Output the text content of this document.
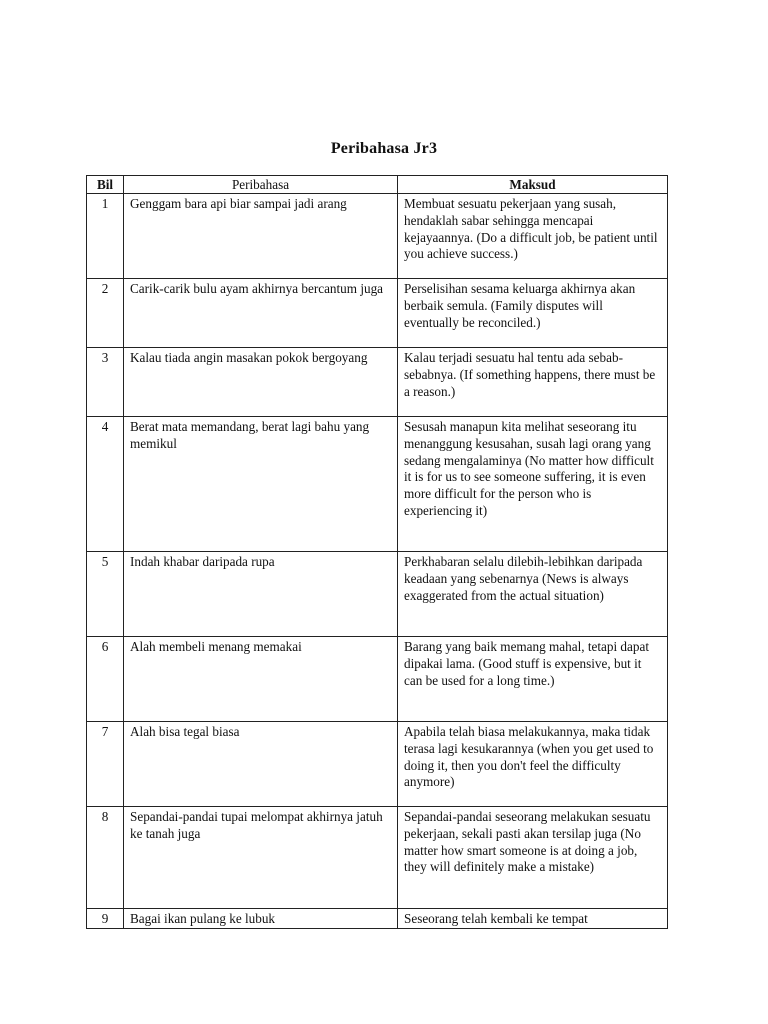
Peribahasa Jr3
Bil	Peribahasa	Maksud
1	Genggam bara api biar sampai jadi arang	Membuat sesuatu pekerjaan yang susah, hendaklah sabar sehingga mencapai kejayaannya. (Do a difficult job, be patient until you achieve success.)
2	Carik-carik bulu ayam akhirnya bercantum juga	Perselisihan sesama keluarga akhirnya akan berbaik semula. (Family disputes will eventually be reconciled.)
3	Kalau tiada angin masakan pokok bergoyang	Kalau terjadi sesuatu hal tentu ada sebab-sebabnya. (If something happens, there must be a reason.)
4	Berat mata memandang, berat lagi bahu yang memikul	Sesusah manapun kita melihat seseorang itu menanggung kesusahan, susah lagi orang yang sedang mengalaminya (No matter how difficult it is for us to see someone suffering, it is even more difficult for the person who is experiencing it)
5	Indah khabar daripada rupa	Perkhabaran selalu dilebih-lebihkan daripada keadaan yang sebenarnya (News is always exaggerated from the actual situation)
6	Alah membeli menang memakai	Barang yang baik memang mahal, tetapi dapat dipakai lama. (Good stuff is expensive, but it can be used for a long time.)
7	Alah bisa tegal biasa	Apabila telah biasa melakukannya, maka tidak terasa lagi kesukarannya (when you get used to doing it, then you don't feel the difficulty anymore)
8	Sepandai-pandai tupai melompat akhirnya jatuh ke tanah juga	Sepandai-pandai seseorang melakukan sesuatu pekerjaan, sekali pasti akan tersilap juga (No matter how smart someone is at doing a job, they will definitely make a mistake)
9	Bagai ikan pulang ke lubuk	Seseorang telah kembali ke tempat
